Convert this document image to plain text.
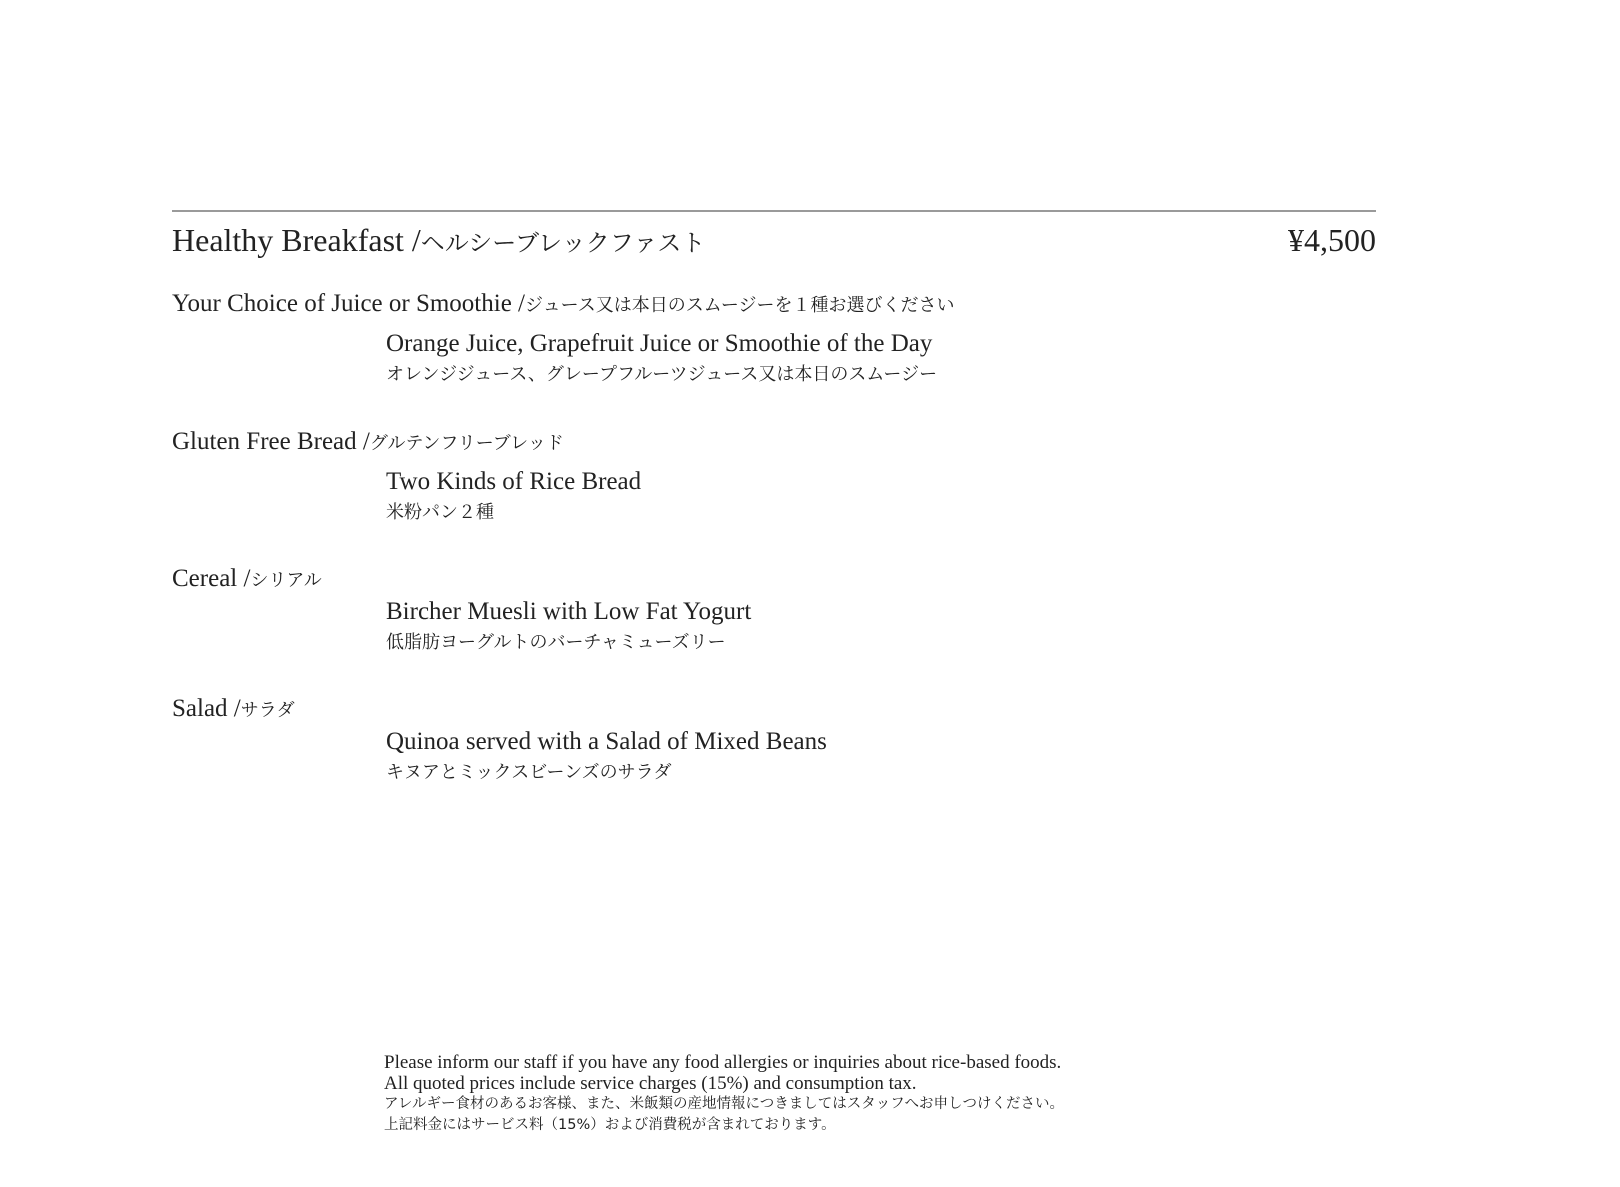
Healthy Breakfast /ヘルシーブレックファスト	¥4,500
Your Choice of Juice or Smoothie /ジュース又は本日のスムージーを１種お選びください
Orange Juice, Grapefruit Juice or Smoothie of the Day
オレンジジュース、グレープフルーツジュース又は本日のスムージー
Gluten Free Bread /グルテンフリーブレッド
Two Kinds of Rice Bread
米粉パン２種
Cereal /シリアル
Bircher Muesli with Low Fat Yogurt
低脂肪ヨーグルトのバーチャミューズリー
Salad /サラダ
Quinoa served with a Salad of Mixed Beans
キヌアとミックスビーンズのサラダ
Please inform our staff if you have any food allergies or inquiries about rice-based foods.
All quoted prices include service charges (15%) and consumption tax.
アレルギー食材のあるお客様、また、米飯類の産地情報につきましてはスタッフへお申しつけください。
上記料金にはサービス料（15%）および消費税が含まれております。
